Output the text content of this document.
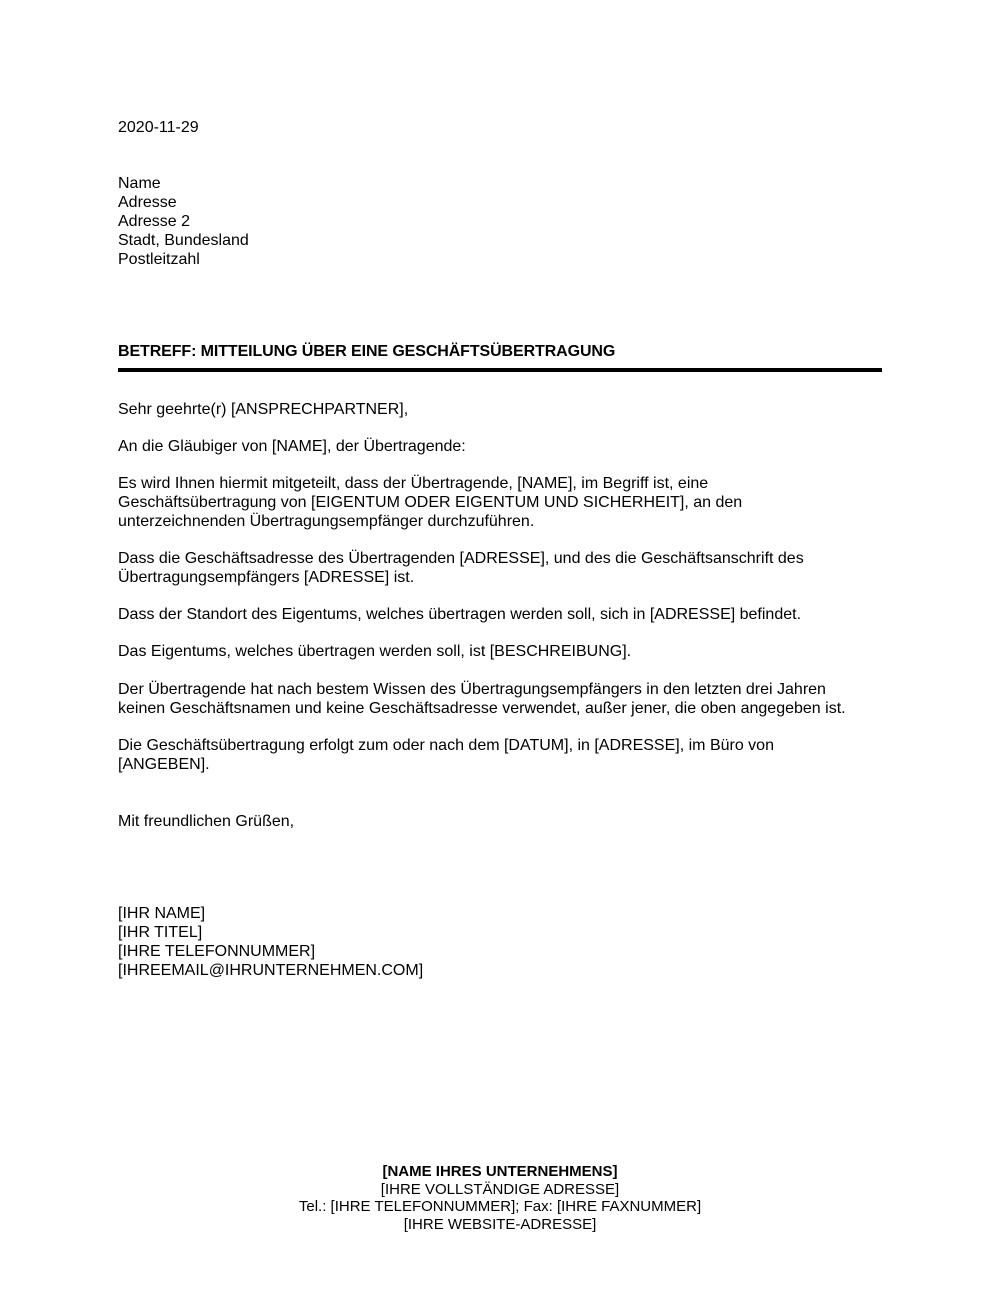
2020-11-29
Name
Adresse
Adresse 2
Stadt, Bundesland
Postleitzahl
BETREFF: MITTEILUNG ÜBER EINE GESCHÄFTSÜBERTRAGUNG
Sehr geehrte(r) [ANSPRECHPARTNER],
An die Gläubiger von [NAME], der Übertragende:
Es wird Ihnen hiermit mitgeteilt, dass der Übertragende, [NAME], im Begriff ist, eine
Geschäftsübertragung von [EIGENTUM ODER EIGENTUM UND SICHERHEIT], an den
unterzeichnenden Übertragungsempfänger durchzuführen.
Dass die Geschäftsadresse des Übertragenden [ADRESSE], und des die Geschäftsanschrift des
Übertragungsempfängers [ADRESSE] ist.
Dass der Standort des Eigentums, welches übertragen werden soll, sich in [ADRESSE] befindet.
Das Eigentums, welches übertragen werden soll, ist [BESCHREIBUNG].
Der Übertragende hat nach bestem Wissen des Übertragungsempfängers in den letzten drei Jahren
keinen Geschäftsnamen und keine Geschäftsadresse verwendet, außer jener, die oben angegeben ist.
Die Geschäftsübertragung erfolgt zum oder nach dem [DATUM], in [ADRESSE], im Büro von
[ANGEBEN].
Mit freundlichen Grüßen,
[IHR NAME]
[IHR TITEL]
[IHRE TELEFONNUMMER]
[IHREEMAIL@IHRUNTERNEHMEN.COM]
[NAME IHRES UNTERNEHMENS]
[IHRE VOLLSTÄNDIGE ADRESSE]
Tel.: [IHRE TELEFONNUMMER]; Fax: [IHRE FAXNUMMER]
[IHRE WEBSITE-ADRESSE]
